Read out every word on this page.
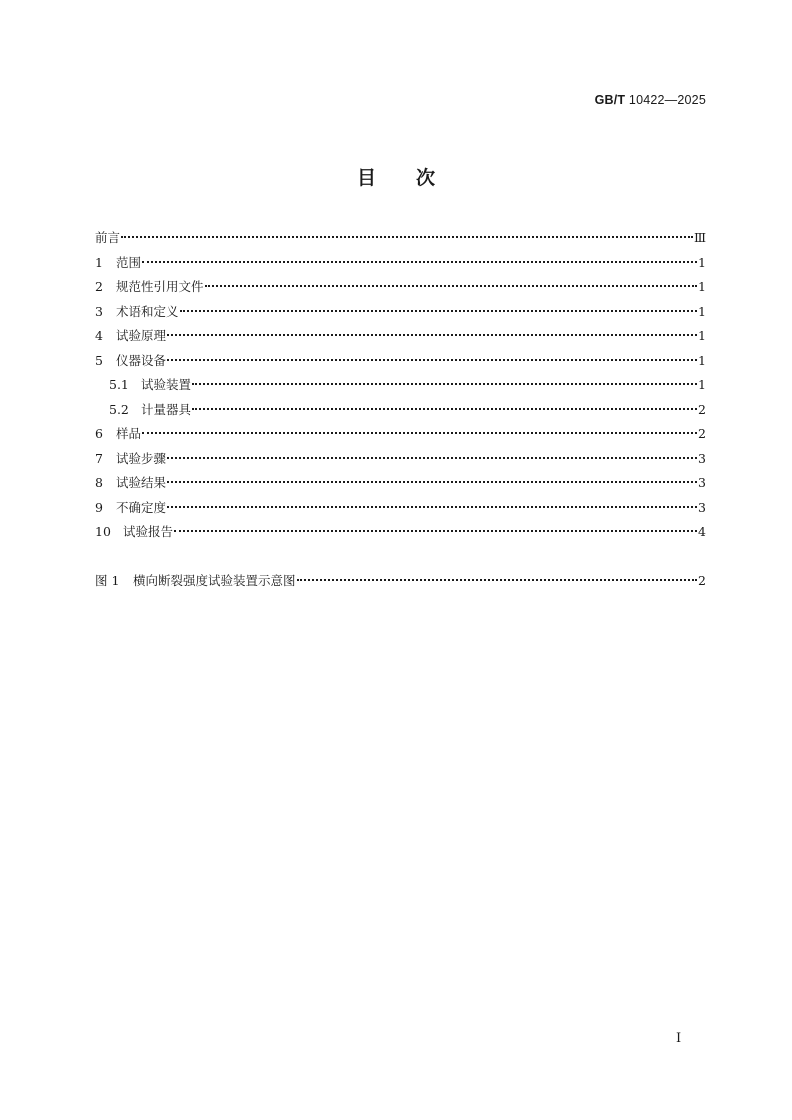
GB/T 10422—2025
目次
前言	Ⅲ
1	范围	1
2	规范性引用文件	1
3	术语和定义	1
4	试验原理	1
5	仪器设备	1
5.1 试验装置	1
5.2 计量器具	2
6	样品	2
7	试验步骤	3
8	试验结果	3
9	不确定度	3
10 试验报告	4
图 1	横向断裂强度试验装置示意图	2
Ⅰ
